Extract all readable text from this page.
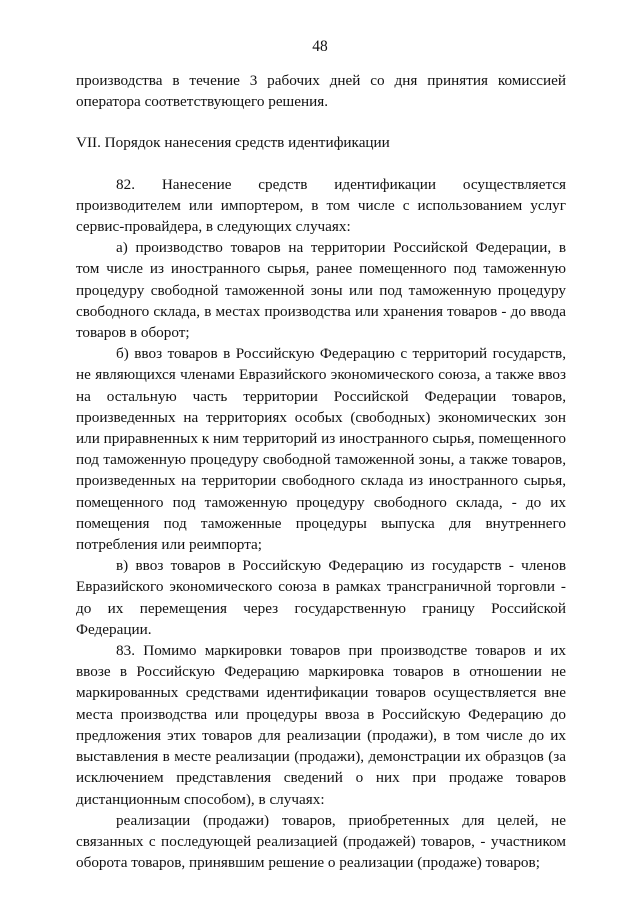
48

производства в течение 3 рабочих дней со дня принятия комиссией оператора соответствующего решения.

VII. Порядок нанесения средств идентификации

82. Нанесение средств идентификации осуществляется производителем или импортером, в том числе с использованием услуг сервис-провайдера, в следующих случаях:

а) производство товаров на территории Российской Федерации, в том числе из иностранного сырья, ранее помещенного под таможенную процедуру свободной таможенной зоны или под таможенную процедуру свободного склада, в местах производства или хранения товаров - до ввода товаров в оборот;

б) ввоз товаров в Российскую Федерацию с территорий государств, не являющихся членами Евразийского экономического союза, а также ввоз на остальную часть территории Российской Федерации товаров, произведенных на территориях особых (свободных) экономических зон или приравненных к ним территорий из иностранного сырья, помещенного под таможенную процедуру свободной таможенной зоны, а также товаров, произведенных на территории свободного склада из иностранного сырья, помещенного под таможенную процедуру свободного склада, - до их помещения под таможенные процедуры выпуска для внутреннего потребления или реимпорта;

в) ввоз товаров в Российскую Федерацию из государств - членов Евразийского экономического союза в рамках трансграничной торговли - до их перемещения через государственную границу Российской Федерации.

83. Помимо маркировки товаров при производстве товаров и их ввозе в Российскую Федерацию маркировка товаров в отношении не маркированных средствами идентификации товаров осуществляется вне места производства или процедуры ввоза в Российскую Федерацию до предложения этих товаров для реализации (продажи), в том числе до их выставления в месте реализации (продажи), демонстрации их образцов (за исключением представления сведений о них при продаже товаров дистанционным способом), в случаях:

реализации (продажи) товаров, приобретенных для целей, не связанных с последующей реализацией (продажей) товаров, - участником оборота товаров, принявшим решение о реализации (продаже) товаров;
